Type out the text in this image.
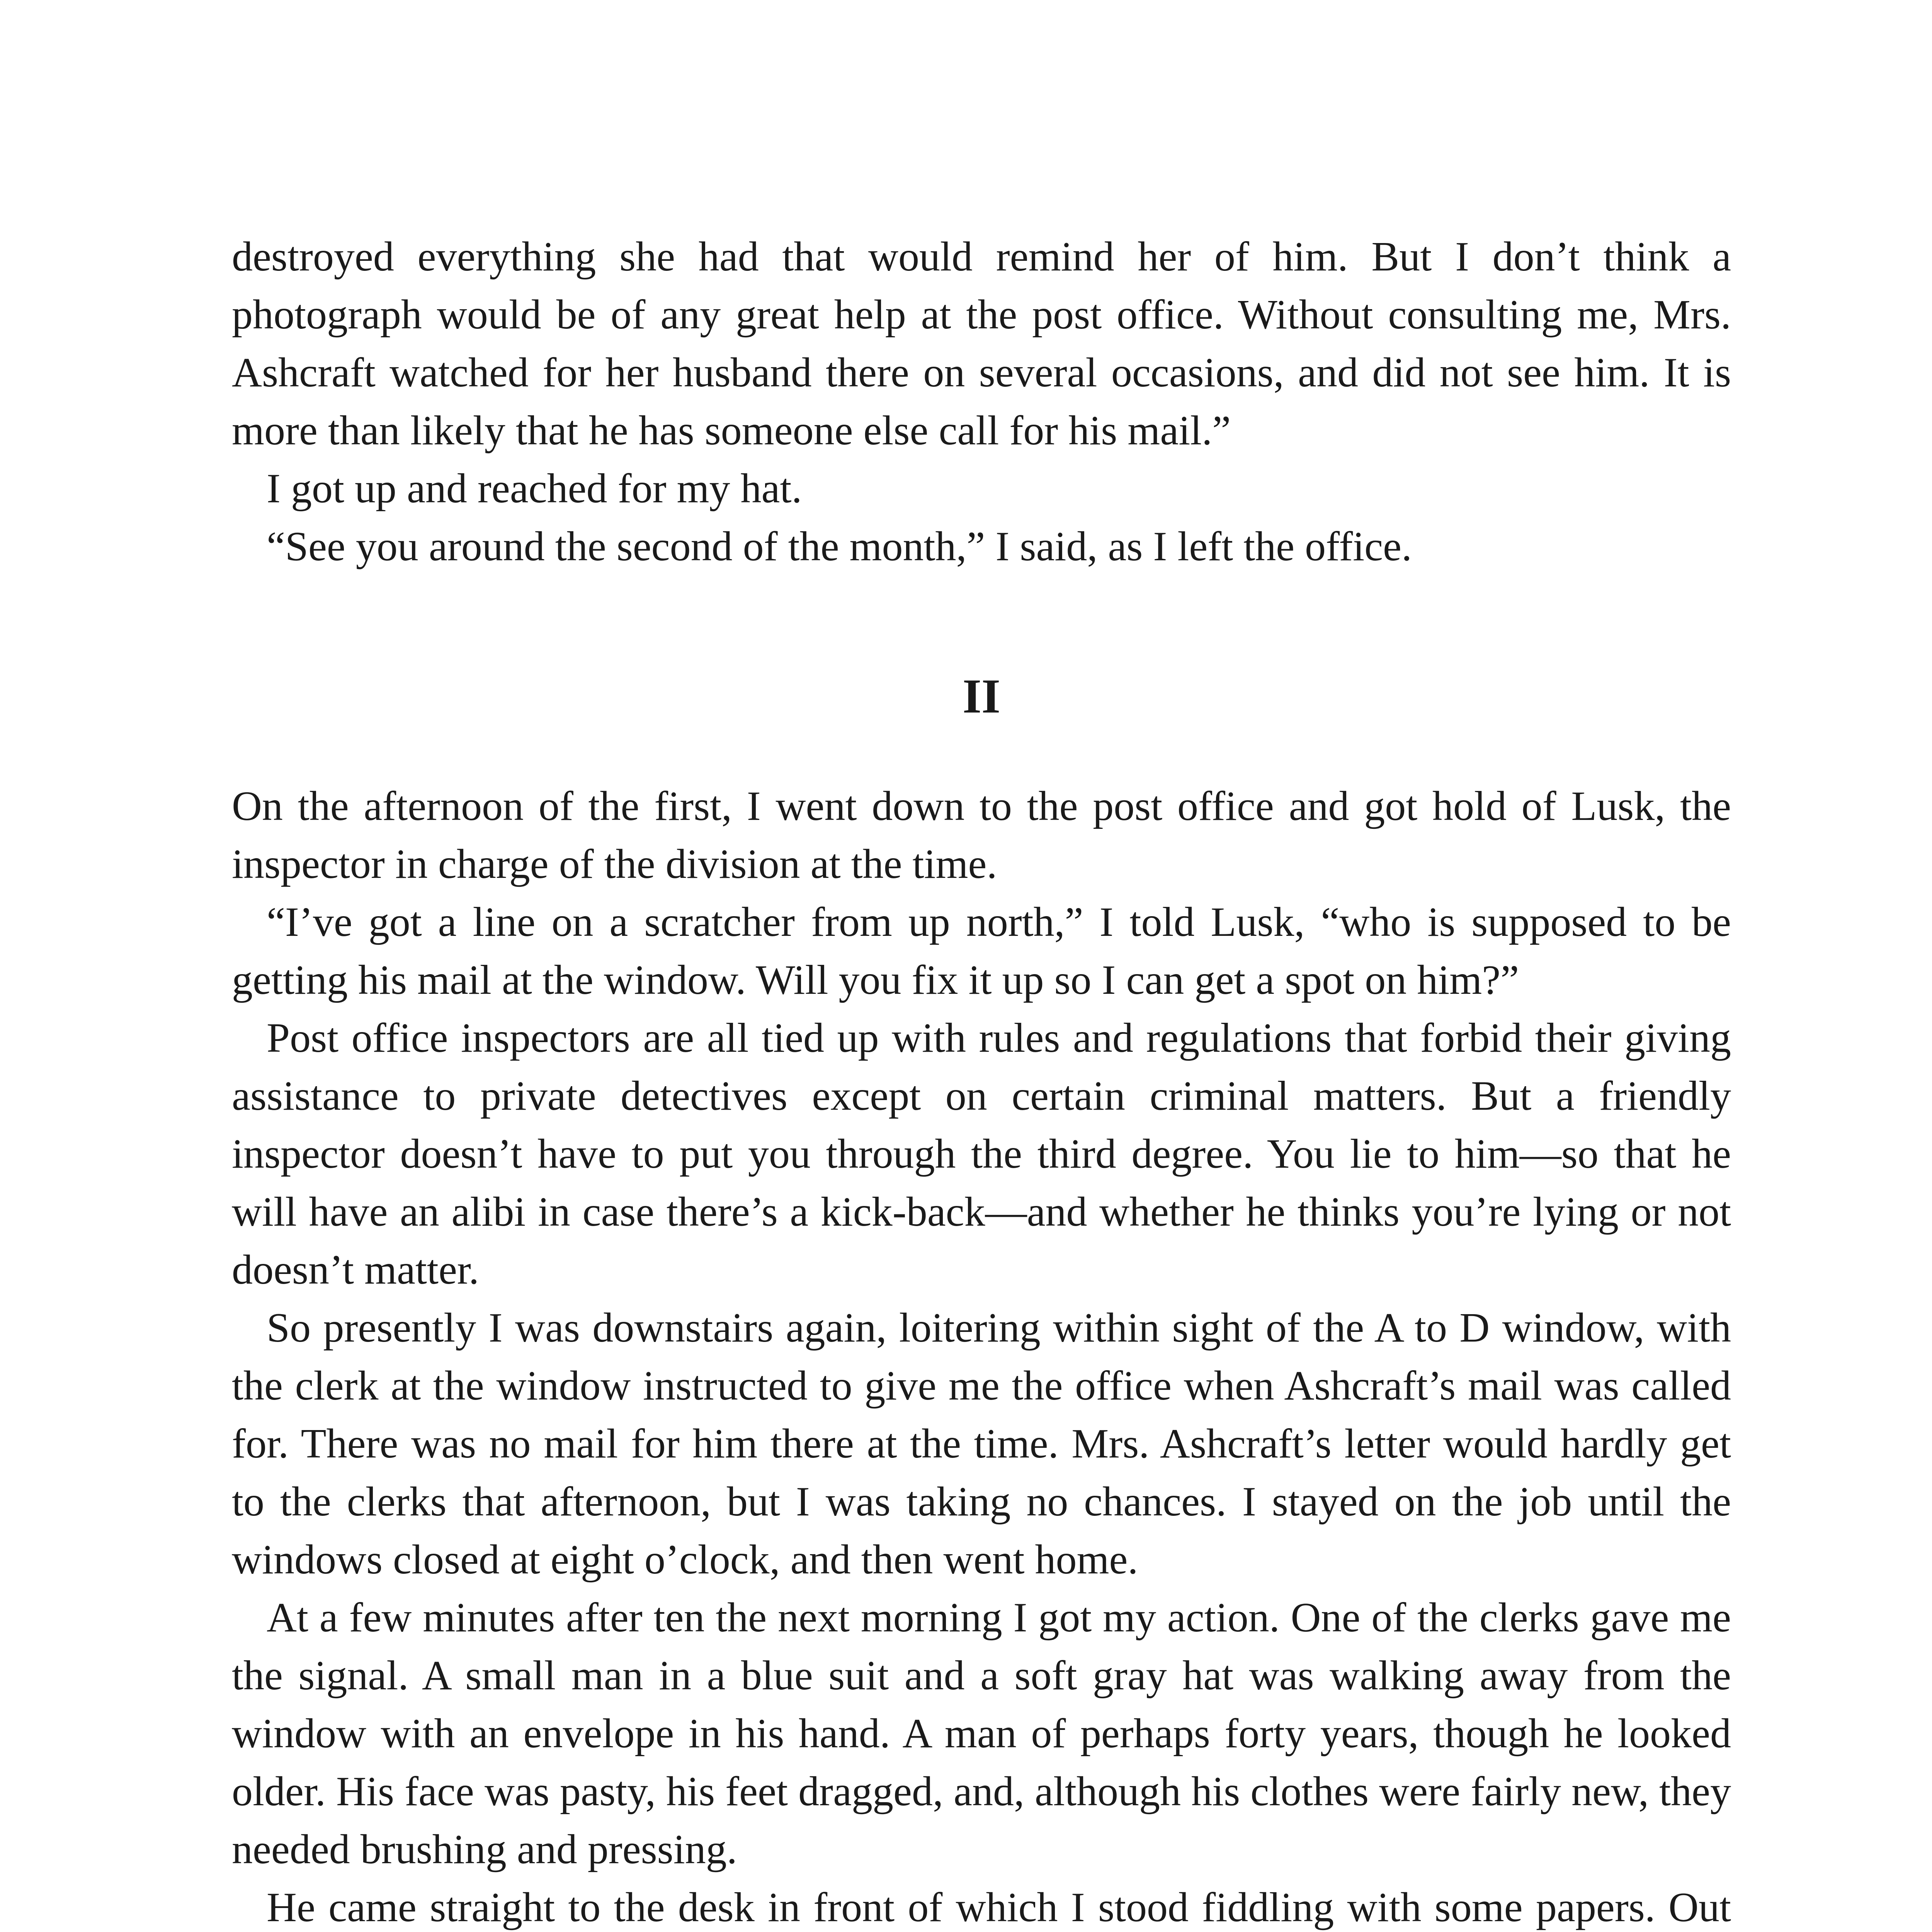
destroyed everything she had that would remind her of him. But I don’t think a photograph would be of any great help at the post office. Without consulting me, Mrs. Ashcraft watched for her husband there on several occasions, and did not see him. It is more than likely that he has someone else call for his mail.”

I got up and reached for my hat.

“See you around the second of the month,” I said, as I left the office.

II

On the afternoon of the first, I went down to the post office and got hold of Lusk, the inspector in charge of the division at the time.

“I’ve got a line on a scratcher from up north,” I told Lusk, “who is supposed to be getting his mail at the window. Will you fix it up so I can get a spot on him?”

Post office inspectors are all tied up with rules and regulations that forbid their giving assistance to private detectives except on certain criminal matters. But a friendly inspector doesn’t have to put you through the third degree. You lie to him—so that he will have an alibi in case there’s a kick-back—and whether he thinks you’re lying or not doesn’t matter.

So presently I was downstairs again, loitering within sight of the A to D window, with the clerk at the window instructed to give me the office when Ashcraft’s mail was called for. There was no mail for him there at the time. Mrs. Ashcraft’s letter would hardly get to the clerks that afternoon, but I was taking no chances. I stayed on the job until the windows closed at eight o’clock, and then went home.

At a few minutes after ten the next morning I got my action. One of the clerks gave me the signal. A small man in a blue suit and a soft gray hat was walking away from the window with an envelope in his hand. A man of perhaps forty years, though he looked older. His face was pasty, his feet dragged, and, although his clothes were fairly new, they needed brushing and pressing.

He came straight to the desk in front of which I stood fiddling with some papers. Out
